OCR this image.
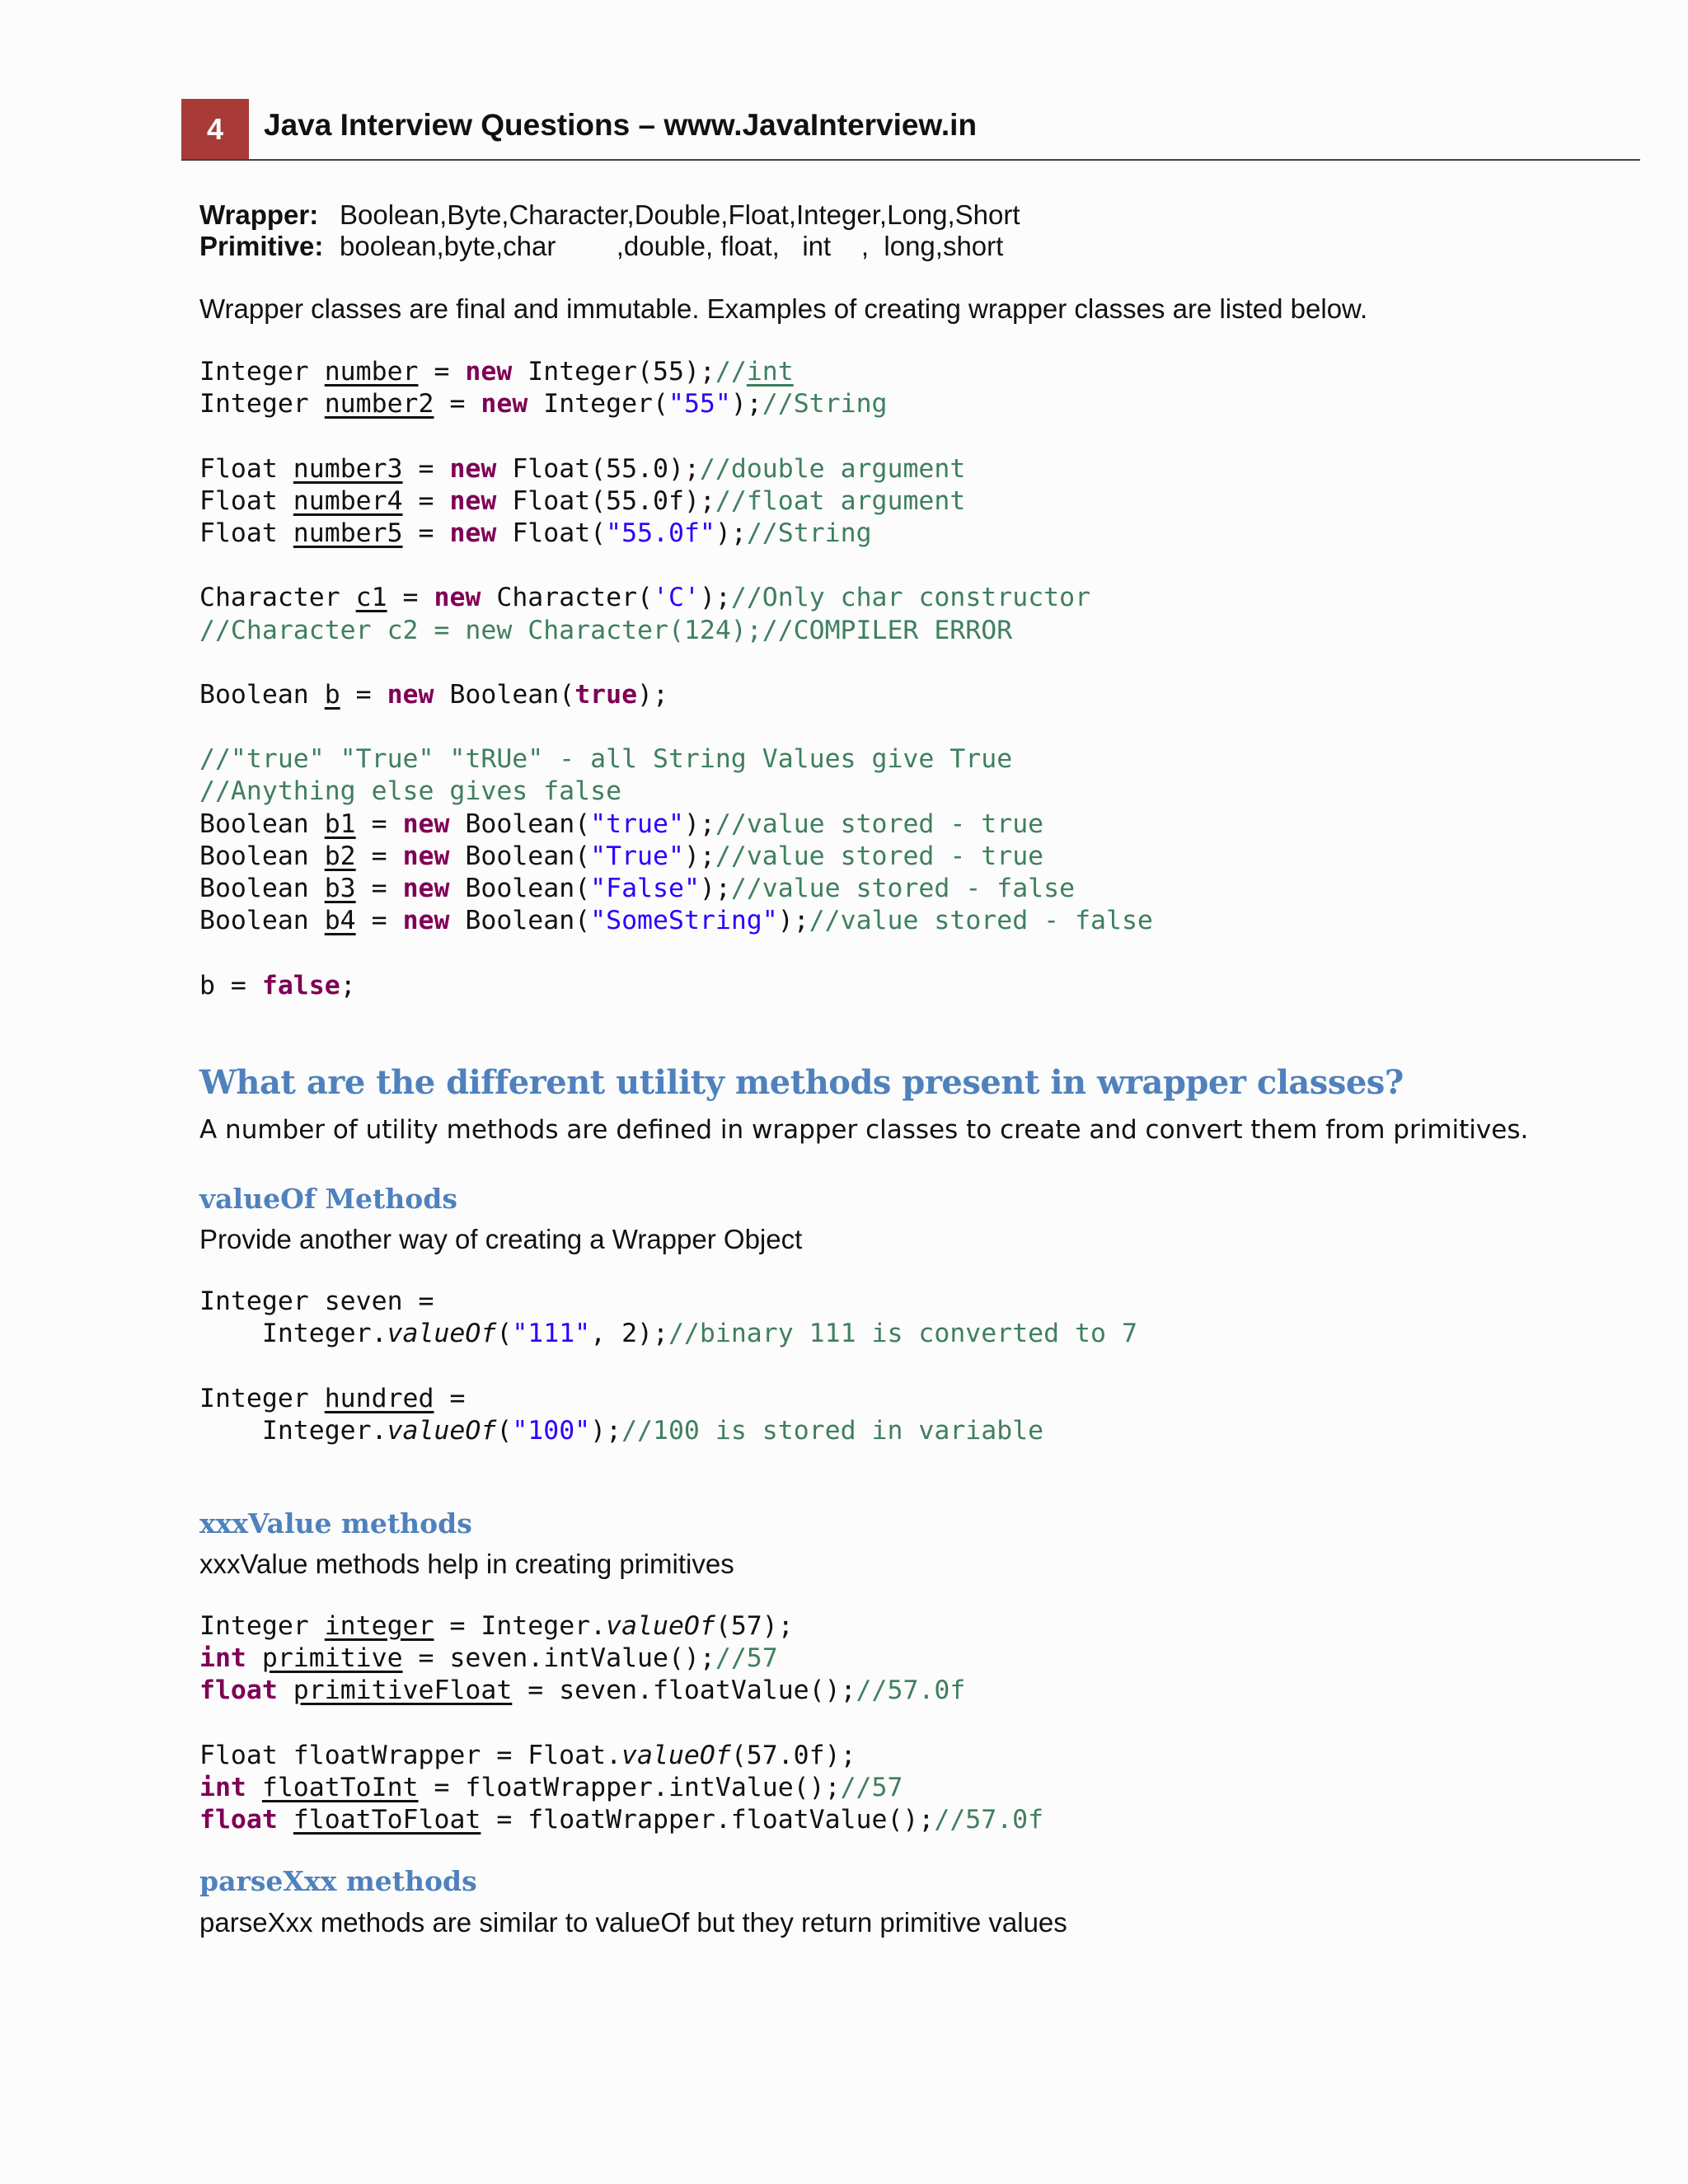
4	Java Interview Questions – www.JavaInterview.in

Wrapper: Boolean,Byte,Character,Double,Float,Integer,Long,Short

Primitive: boolean,byte,char        ,double, float,   int    ,  long,short

Wrapper classes are final and immutable. Examples of creating wrapper classes are listed below.

Integer number = new Integer(55);//int
Integer number2 = new Integer("55");//String
Float number3 = new Float(55.0);//double argument
Float number4 = new Float(55.0f);//float argument
Float number5 = new Float("55.0f");//String
Character c1 = new Character('C');//Only char constructor
//Character c2 = new Character(124);//COMPILER ERROR
Boolean b = new Boolean(true);
//"true" "True" "tRUe" - all String Values give True
//Anything else gives false
Boolean b1 = new Boolean("true");//value stored - true
Boolean b2 = new Boolean("True");//value stored - true
Boolean b3 = new Boolean("False");//value stored - false
Boolean b4 = new Boolean("SomeString");//value stored - false
b = false;
What are the different utility methods present in wrapper classes?

A number of utility methods are defined in wrapper classes to create and convert them from primitives.

valueOf Methods

Provide another way of creating a Wrapper Object

Integer seven =
Integer.valueOf("111", 2);//binary 111 is converted to 7
Integer hundred =
Integer.valueOf("100");//100 is stored in variable
xxxValue methods

xxxValue methods help in creating primitives

Integer integer = Integer.valueOf(57);
int primitive = seven.intValue();//57
float primitiveFloat = seven.floatValue();//57.0f
Float floatWrapper = Float.valueOf(57.0f);
int floatToInt = floatWrapper.intValue();//57
float floatToFloat = floatWrapper.floatValue();//57.0f
parseXxx methods

parseXxx methods are similar to valueOf but they return primitive values
